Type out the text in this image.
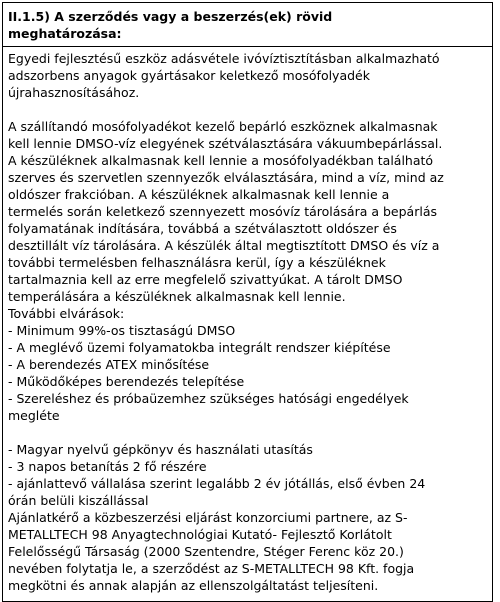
II.1.5) A szerződés vagy a beszerzés(ek) rövid
meghatározása:
Egyedi fejlesztésű eszköz adásvétele ivóvíztisztításban alkalmazható
adszorbens anyagok gyártásakor keletkező mosófolyadék
újrahasznosításához.
A szállítandó mosófolyadékot kezelő bepárló eszköznek alkalmasnak
kell lennie DMSO-víz elegyének szétválasztására vákuumbepárlással.
A készüléknek alkalmasnak kell lennie a mosófolyadékban található
szerves és szervetlen szennyezők elválasztására, mind a víz, mind az
oldószer frakcióban. A készüléknek alkalmasnak kell lennie a
termelés során keletkező szennyezett mosóvíz tárolására a bepárlás
folyamatának indítására, továbbá a szétválasztott oldószer és
desztillált víz tárolására. A készülék által megtisztított DMSO és víz a
további termelésben felhasználásra kerül, így a készüléknek
tartalmaznia kell az erre megfelelő szivattyúkat. A tárolt DMSO
temperálására a készüléknek alkalmasnak kell lennie.
További elvárások:
- Minimum 99%-os tisztaságú DMSO
- A meglévő üzemi folyamatokba integrált rendszer kiépítése
- A berendezés ATEX minősítése
- Működőképes berendezés telepítése
- Szereléshez és próbaüzemhez szükséges hatósági engedélyek
megléte
- Magyar nyelvű gépkönyv és használati utasítás
- 3 napos betanítás 2 fő részére
- ajánlattevő vállalása szerint legalább 2 év jótállás, első évben 24
órán belüli kiszállással
Ajánlatkérő a közbeszerzési eljárást konzorciumi partnere, az S-
METALLTECH 98 Anyagtechnológiai Kutató- Fejlesztő Korlátolt
Felelősségű Társaság (2000 Szentendre, Stéger Ferenc köz 20.)
nevében folytatja le, a szerződést az S-METALLTECH 98 Kft. fogja
megkötni és annak alapján az ellenszolgáltatást teljesíteni.
